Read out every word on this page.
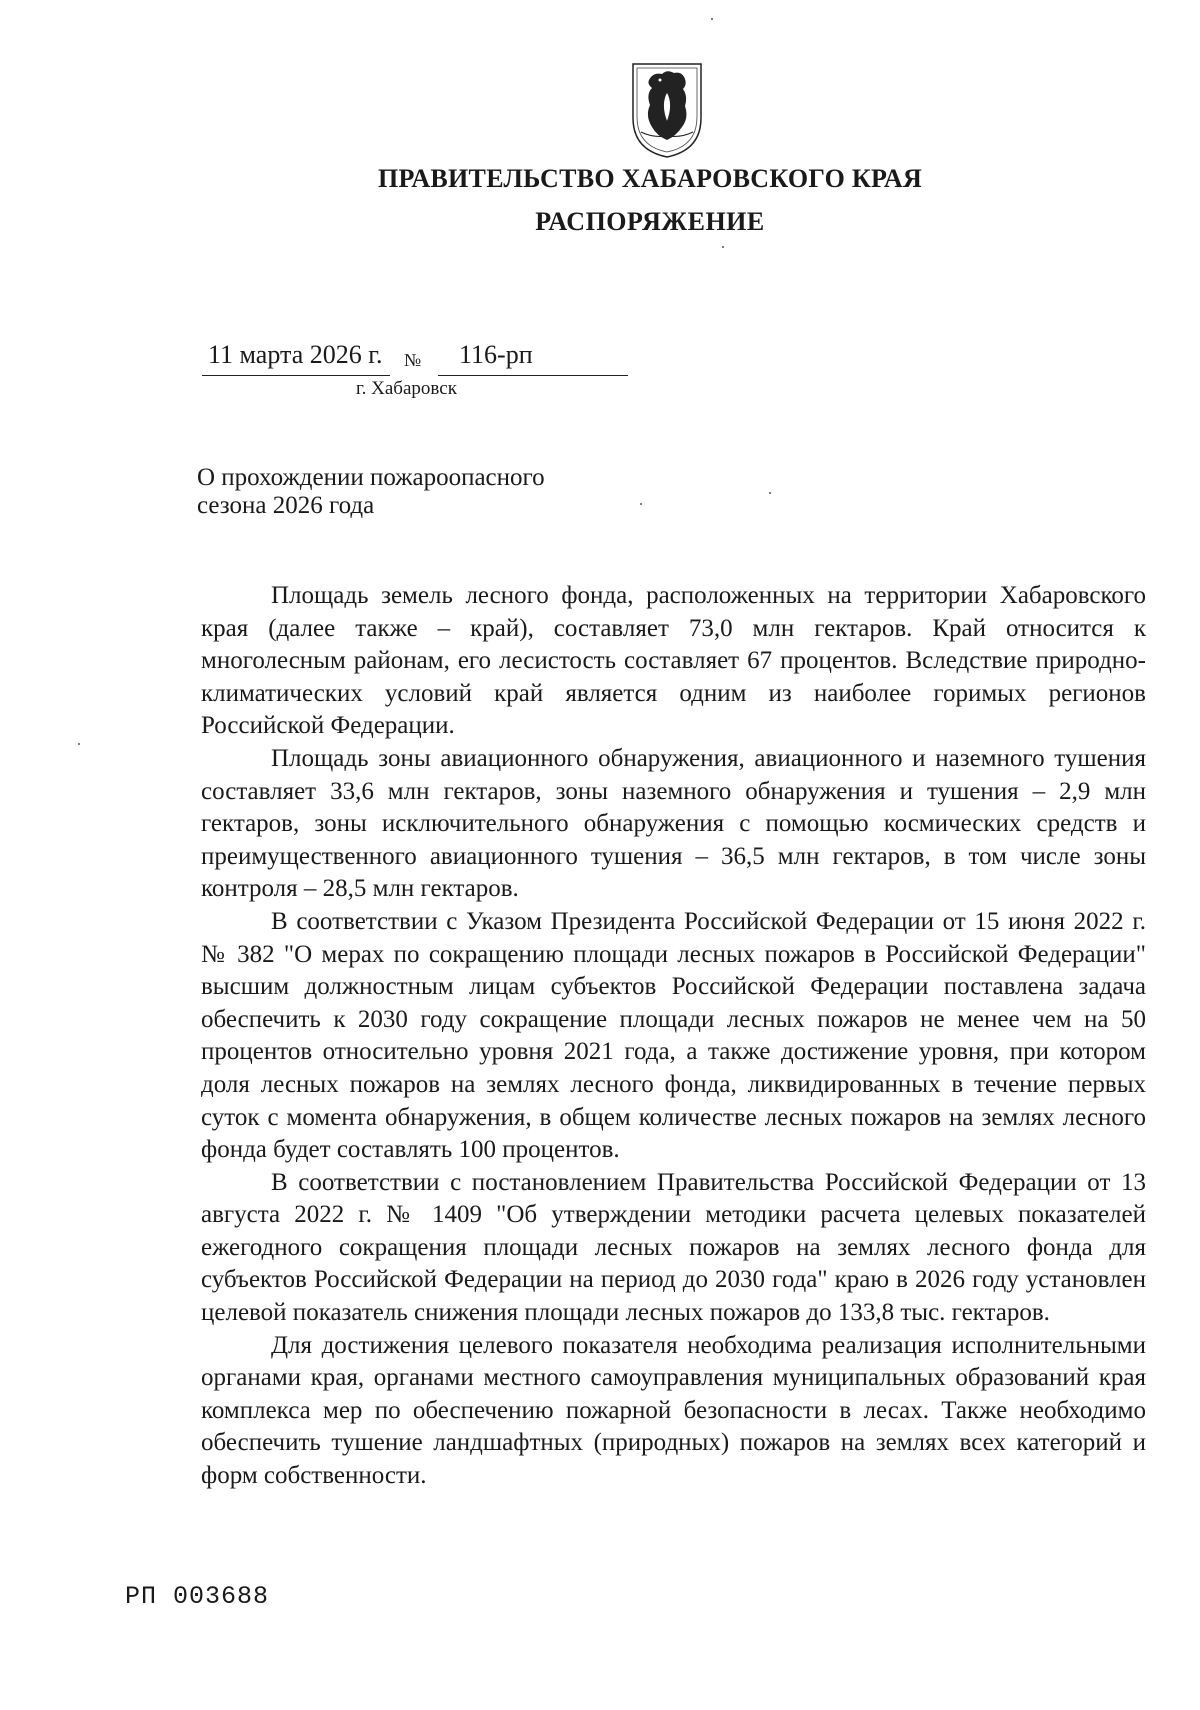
ПРАВИТЕЛЬСТВО ХАБАРОВСКОГО КРАЯ
РАСПОРЯЖЕНИЕ
11 марта 2026 г. № 116-рп
г. Хабаровск
О прохождении пожароопасного
сезона 2026 года

Площадь земель лесного фонда, расположенных на территории Хабаровского края (далее также – край), составляет 73,0 млн гектаров. Край относится к многолесным районам, его лесистость составляет 67 процентов. Вследствие природно-климатических условий край является одним из наиболее горимых регионов Российской Федерации.

Площадь зоны авиационного обнаружения, авиационного и наземного тушения составляет 33,6 млн гектаров, зоны наземного обнаружения и тушения – 2,9 млн гектаров, зоны исключительного обнаружения с помощью космических средств и преимущественного авиационного тушения – 36,5 млн гектаров, в том числе зоны контроля – 28,5 млн гектаров.

В соответствии с Указом Президента Российской Федерации от 15 июня 2022 г. № 382 "О мерах по сокращению площади лесных пожаров в Российской Федерации" высшим должностным лицам субъектов Российской Федерации поставлена задача обеспечить к 2030 году сокращение площади лесных пожаров не менее чем на 50 процентов относительно уровня 2021 года, а также достижение уровня, при котором доля лесных пожаров на землях лесного фонда, ликвидированных в течение первых суток с момента обнаружения, в общем количестве лесных пожаров на землях лесного фонда будет составлять 100 процентов.

В соответствии с постановлением Правительства Российской Федерации от 13 августа 2022 г. № 1409 "Об утверждении методики расчета целевых показателей ежегодного сокращения площади лесных пожаров на землях лесного фонда для субъектов Российской Федерации на период до 2030 года" краю в 2026 году установлен целевой показатель снижения площади лесных пожаров до 133,8 тыс. гектаров.

Для достижения целевого показателя необходима реализация исполнительными органами края, органами местного самоуправления муниципальных образований края комплекса мер по обеспечению пожарной безопасности в лесах. Также необходимо обеспечить тушение ландшафтных (природных) пожаров на землях всех категорий и форм собственности.

РП 003688
